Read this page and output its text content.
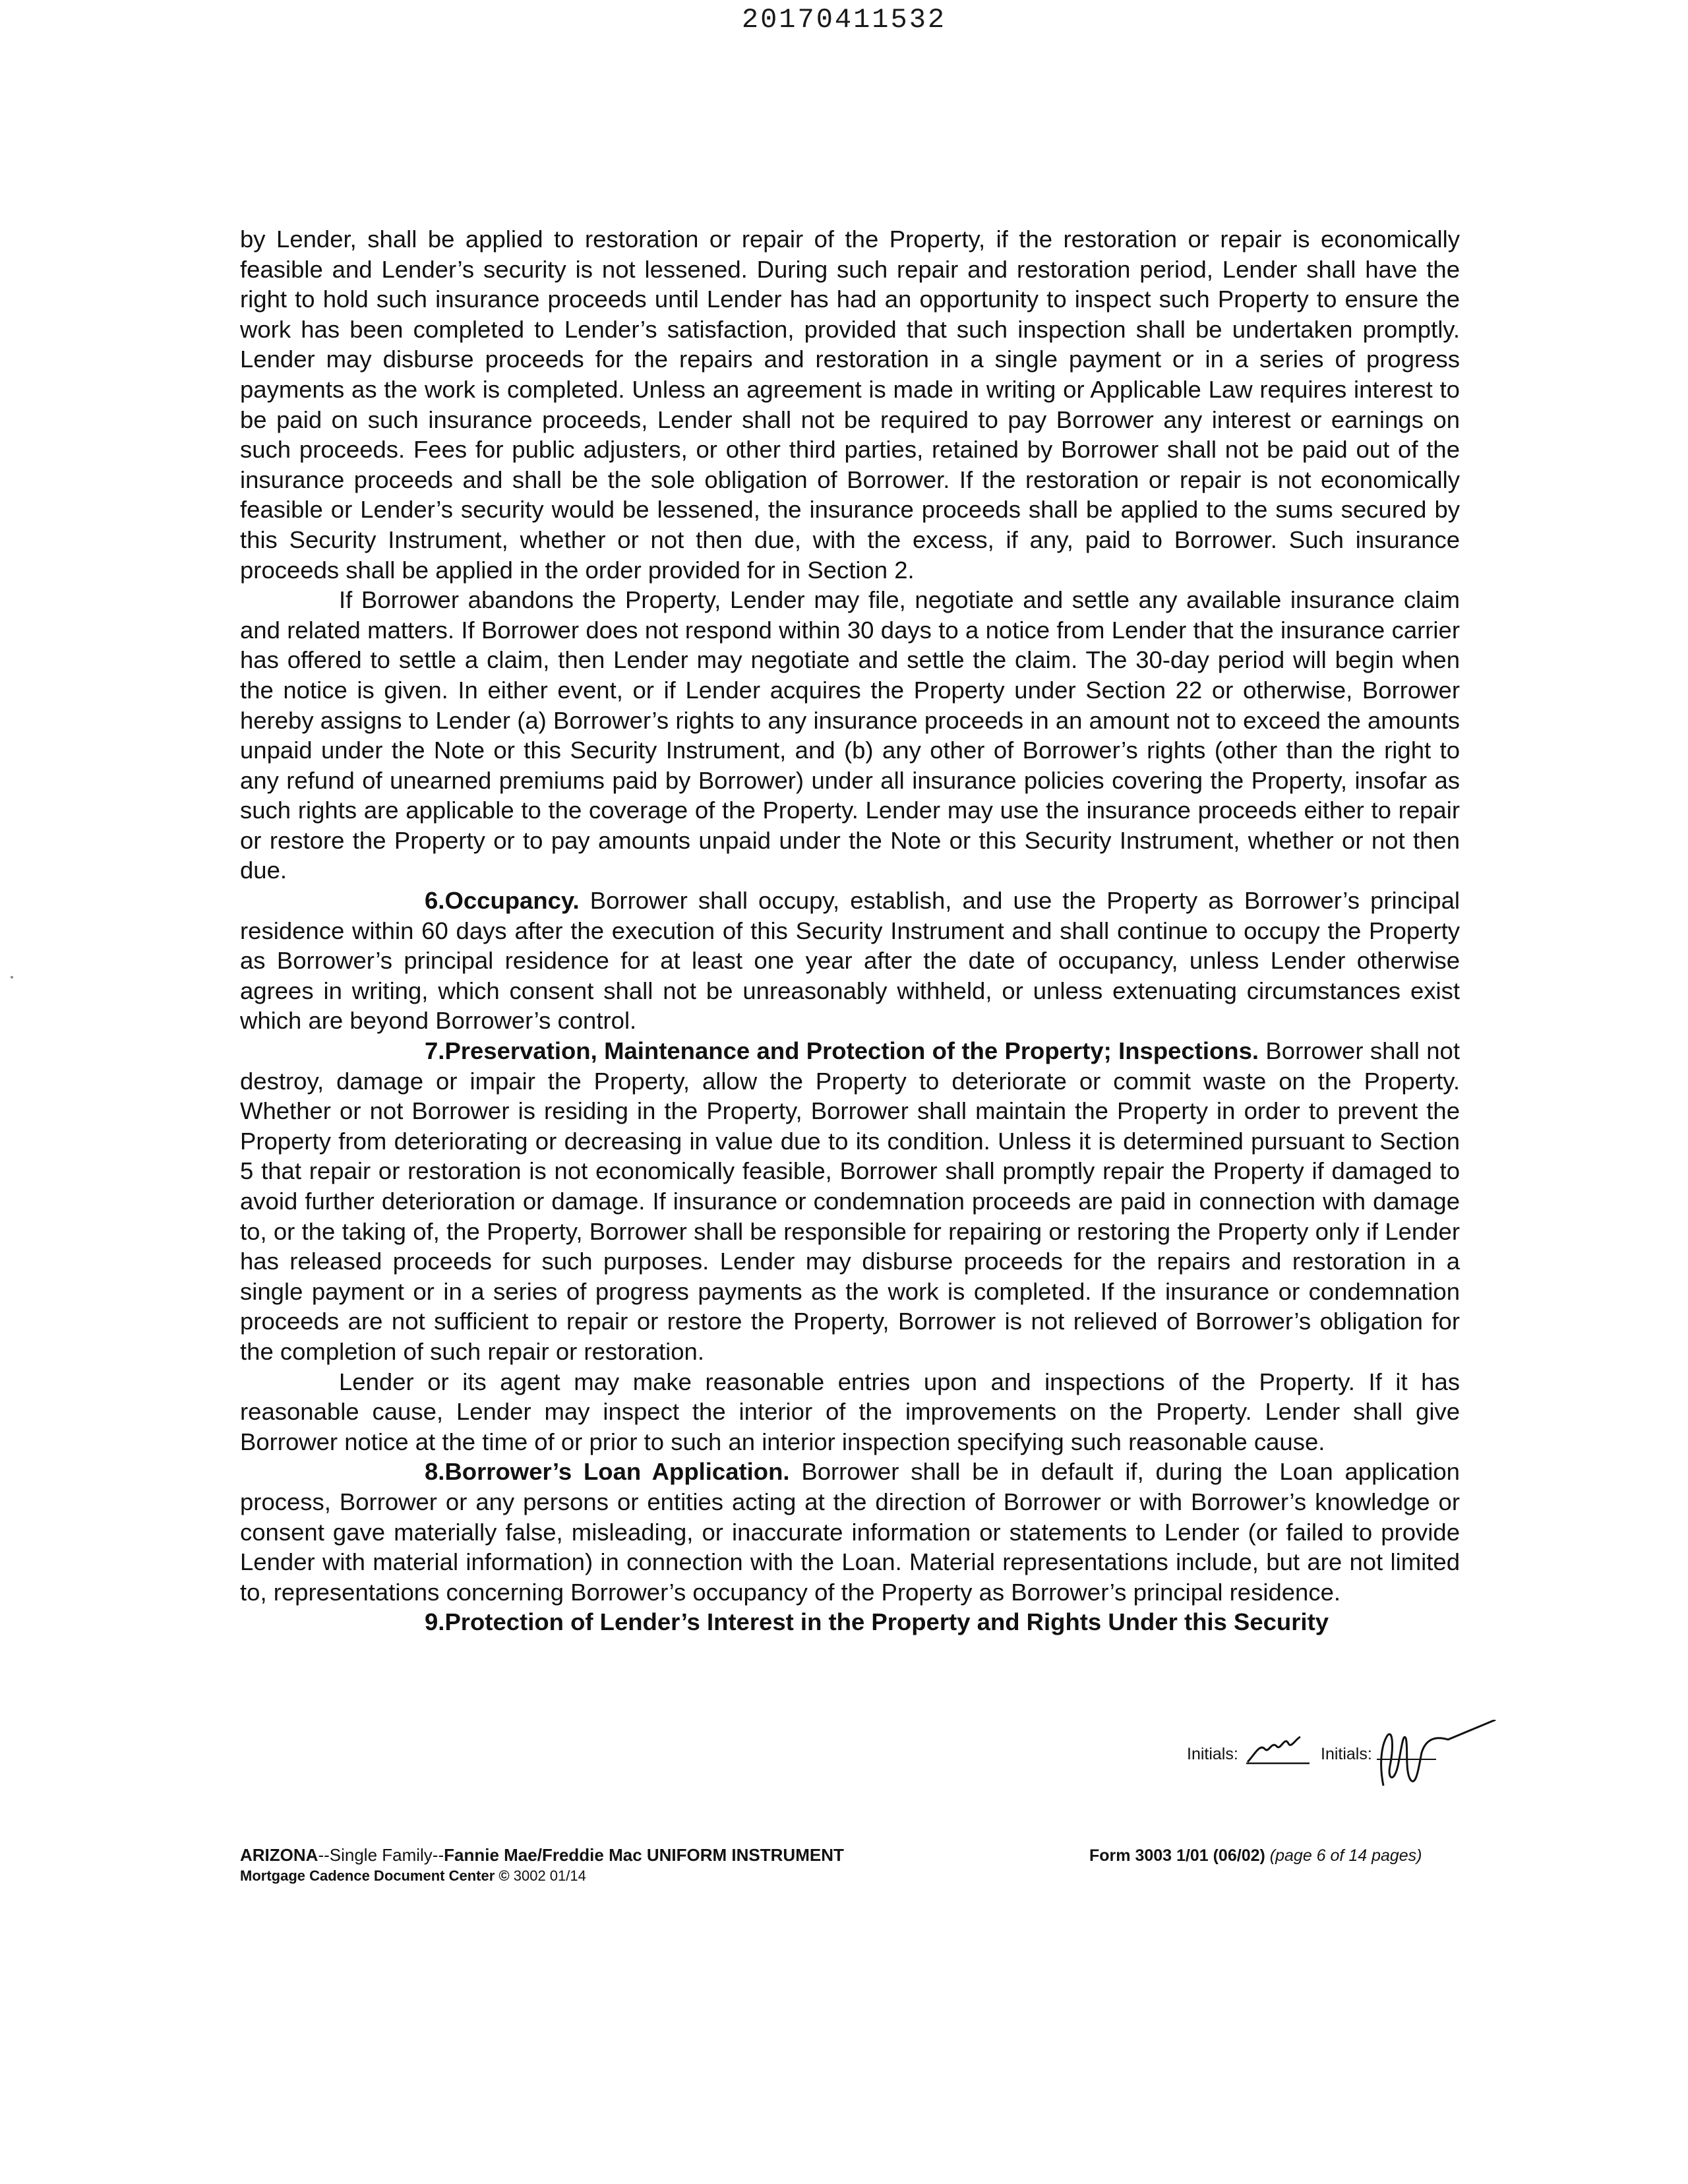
20170411532

by Lender, shall be applied to restoration or repair of the Property, if the restoration or repair is economically feasible and Lender’s security is not lessened. During such repair and restoration period, Lender shall have the right to hold such insurance proceeds until Lender has had an opportunity to inspect such Property to ensure the work has been completed to Lender’s satisfaction, provided that such inspection shall be undertaken promptly. Lender may disburse proceeds for the repairs and restoration in a single payment or in a series of progress payments as the work is completed. Unless an agreement is made in writing or Applicable Law requires interest to be paid on such insurance proceeds, Lender shall not be required to pay Borrower any interest or earnings on such proceeds. Fees for public adjusters, or other third parties, retained by Borrower shall not be paid out of the insurance proceeds and shall be the sole obligation of Borrower. If the restoration or repair is not economically feasible or Lender’s security would be lessened, the insurance proceeds shall be applied to the sums secured by this Security Instrument, whether or not then due, with the excess, if any, paid to Borrower. Such insurance proceeds shall be applied in the order provided for in Section 2.

If Borrower abandons the Property, Lender may file, negotiate and settle any available insurance claim and related matters. If Borrower does not respond within 30 days to a notice from Lender that the insurance carrier has offered to settle a claim, then Lender may negotiate and settle the claim. The 30-day period will begin when the notice is given. In either event, or if Lender acquires the Property under Section 22 or otherwise, Borrower hereby assigns to Lender (a) Borrower’s rights to any insurance proceeds in an amount not to exceed the amounts unpaid under the Note or this Security Instrument, and (b) any other of Borrower’s rights (other than the right to any refund of unearned premiums paid by Borrower) under all insurance policies covering the Property, insofar as such rights are applicable to the coverage of the Property. Lender may use the insurance proceeds either to repair or restore the Property or to pay amounts unpaid under the Note or this Security Instrument, whether or not then due.

6.Occupancy. Borrower shall occupy, establish, and use the Property as Borrower’s principal residence within 60 days after the execution of this Security Instrument and shall continue to occupy the Property as Borrower’s principal residence for at least one year after the date of occupancy, unless Lender otherwise agrees in writing, which consent shall not be unreasonably withheld, or unless extenuating circumstances exist which are beyond Borrower’s control.

7.Preservation, Maintenance and Protection of the Property; Inspections. Borrower shall not destroy, damage or impair the Property, allow the Property to deteriorate or commit waste on the Property. Whether or not Borrower is residing in the Property, Borrower shall maintain the Property in order to prevent the Property from deteriorating or decreasing in value due to its condition. Unless it is determined pursuant to Section 5 that repair or restoration is not economically feasible, Borrower shall promptly repair the Property if damaged to avoid further deterioration or damage. If insurance or condemnation proceeds are paid in connection with damage to, or the taking of, the Property, Borrower shall be responsible for repairing or restoring the Property only if Lender has released proceeds for such purposes. Lender may disburse proceeds for the repairs and restoration in a single payment or in a series of progress payments as the work is completed. If the insurance or condemnation proceeds are not sufficient to repair or restore the Property, Borrower is not relieved of Borrower’s obligation for the completion of such repair or restoration.

Lender or its agent may make reasonable entries upon and inspections of the Property. If it has reasonable cause, Lender may inspect the interior of the improvements on the Property. Lender shall give Borrower notice at the time of or prior to such an interior inspection specifying such reasonable cause.

8.Borrower’s Loan Application. Borrower shall be in default if, during the Loan application process, Borrower or any persons or entities acting at the direction of Borrower or with Borrower’s knowledge or consent gave materially false, misleading, or inaccurate information or statements to Lender (or failed to provide Lender with material information) in connection with the Loan. Material representations include, but are not limited to, representations concerning Borrower’s occupancy of the Property as Borrower’s principal residence.

9.Protection of Lender’s Interest in the Property and Rights Under this Security

Initials:	Initials:
ARIZONA--Single Family--Fannie Mae/Freddie Mac UNIFORM INSTRUMENT
Mortgage Cadence Document Center © 3002 01/14
Form 3003 1/01 (06/02) (page 6 of 14 pages)
